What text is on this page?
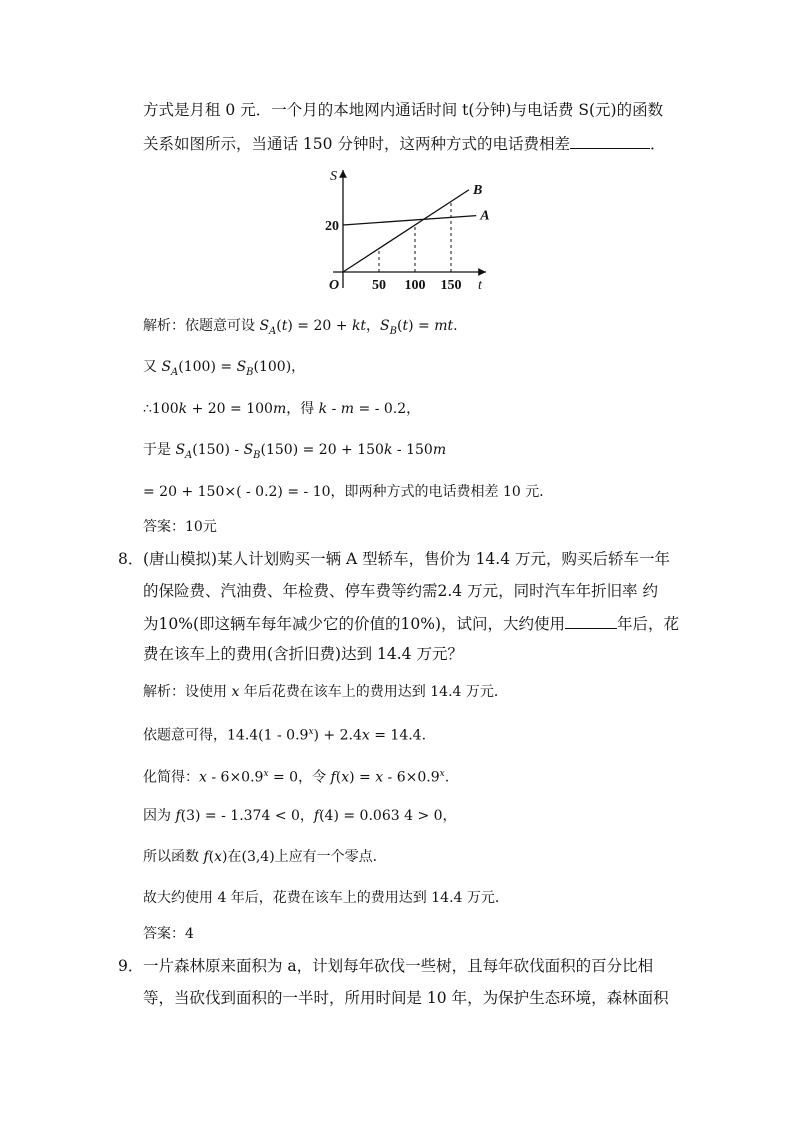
方式是月租 0 元．一个月的本地网内通话时间 t(分钟)与电话费 S(元)的函数
关系如图所示，当通话 150 分钟时，这两种方式的电话费相差	．
S
t
O 50 100 150
20
A
B
解析：依题意可设 $S_A(t) = 20$ + kt，$S_B(t)$ = mt.
又 $S_A(100) = S_B(100)$，
∴100k + 20 = 100m，得 k - m = - 0.2，
于是 $S_A(150) - S_B(150) = 20 + 150k - 150m$
= 20 + 150×( - 0.2) = - 10，即两种方式的电话费相差 10 元．
答案：10元
8． (唐山模拟)某人计划购买一辆 A 型轿车，售价为 14.4 万元，购买后轿车一年
的保险费、汽油费、年检费、停车费等约需2.4 万元，同时汽车年折旧率 约
为10%(即这辆车每年减少它的价值的10%)，试问，大约使用	年后，花
费在该车上的费用(含折旧费)达到 14.4 万元？
解析：设使用 x 年后花费在该车上的费用达到 14.4 万元．
依题意可得，$14.4(1 - 0.9^x) + 2.4x = 14.4$.
化简得：$x - 6\times 0.9^x = 0$，令 $f(x) = x - 6\times 0.9^x$.
因为 f(3) = - 1.374 < 0，f(4) = 0.063 4 > 0，
所以函数 f(x)在(3,4)上应有一个零点．
故大约使用 4 年后，花费在该车上的费用达到 14.4 万元．
答案：4
9． 一片森林原来面积为 a，计划每年砍伐一些树，且每年砍伐面积的百分比相
等，当砍伐到面积的一半时，所用时间是 10 年，为保护生态环境，森林面积
